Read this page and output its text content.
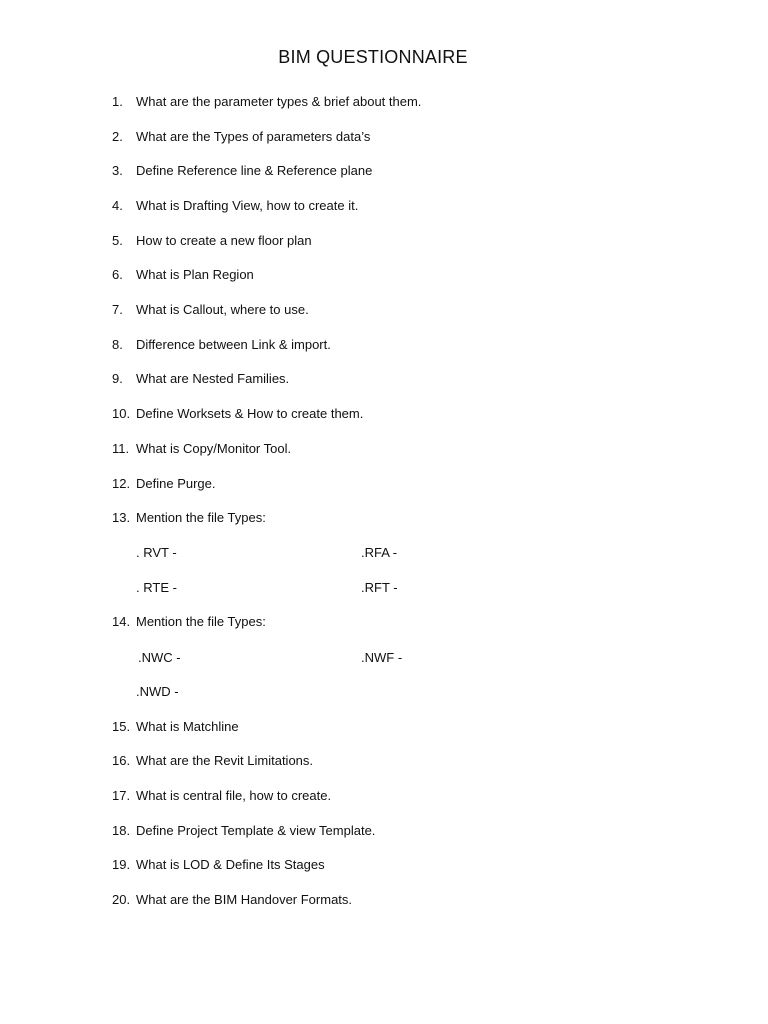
BIM QUESTIONNAIRE
1. What are the parameter types & brief about them.
2. What are the Types of parameters data’s
3. Define Reference line & Reference plane
4. What is Drafting View, how to create it.
5. How to create a new floor plan
6. What is Plan Region
7. What is Callout, where to use.
8. Difference between Link & import.
9. What are Nested Families.
10. Define Worksets & How to create them.
11. What is Copy/Monitor Tool.
12. Define Purge.
13. Mention the file Types:
. RVT -	.RFA -
. RTE -	.RFT -
14. Mention the file Types:
.NWC -	.NWF -
.NWD -
15. What is Matchline
16. What are the Revit Limitations.
17. What is central file, how to create.
18. Define Project Template & view Template.
19. What is LOD & Define Its Stages
20. What are the BIM Handover Formats.
